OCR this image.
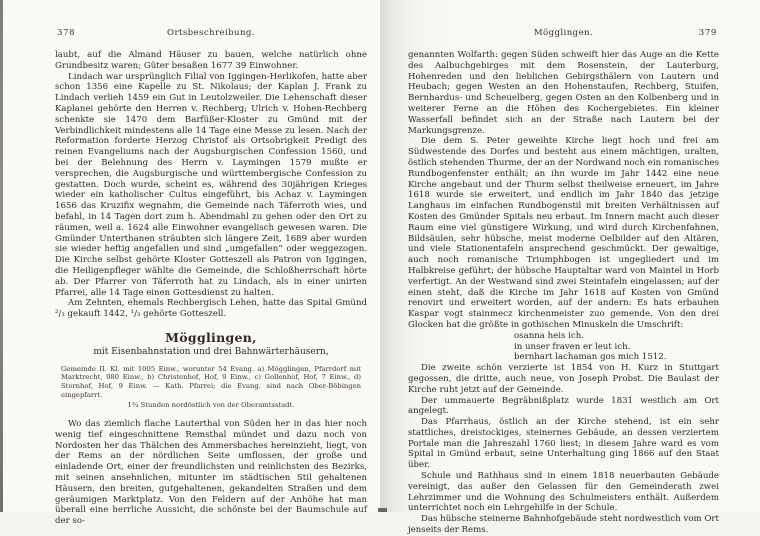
378	Ortsbeschreibung.

laubt, auf die Almand Häuser zu bauen, welche natürlich ohne Grundbesitz waren; Güter besaßen 1677 39 Einwohner.

Lindach war ursprünglich Filial von Iggingen-Herlikofen, hatte aber schon 1356 eine Kapelle zu St. Nikolaus; der Kaplan J. Frank zu Lindach verlieh 1459 ein Gut in Leutolzweiler. Die Lehenschaft dieser Kaplanei gehörte den Herren v. Rechberg; Ulrich v. Hohen-Rechberg schenkte sie 1470 dem Barfüßer-Kloster zu Gmünd mit der Verbindlichkeit mindestens alle 14 Tage eine Messe zu lesen. Nach der Reformation forderte Herzog Christof als Ortsobrigkeit Predigt des reinen Evangeliums nach der Augsburgischen Confession 1560, und bei der Belehnung des Herrn v. Laymingen 1579 mußte er versprechen, die Augsburgische und württembergische Confession zu gestatten. Doch wurde, scheint es, während des 30jährigen Krieges wieder ein katholischer Cultus eingeführt, bis Achaz v. Laymingen 1656 das Kruzifix wegnahm, die Gemeinde nach Täferroth wies, und befahl, in 14 Tagen dort zum h. Abendmahl zu gehen oder den Ort zu räumen, weil a. 1624 alle Einwohner evangelisch gewesen waren. Die Gmünder Unterthanen sträubten sich längere Zeit, 1689 aber wurden sie wieder heftig angefallen und sind „umgefallen“ oder weggezogen. Die Kirche selbst gehörte Kloster Gotteszell als Patron von Iggingen, die Heiligenpfleger wählte die Gemeinde, die Schloßherrschaft hörte ab. Der Pfarrer von Täferroth hat zu Lindach, als in einer unirten Pfarrei, alle 14 Tage einen Gottesdienst zu halten.

Am Zehnten, ehemals Rechbergisch Lehen, hatte das Spital Gmünd ²/₃ gekauft 1442, ¹/₃ gehörte Gotteszell.

Mögglingen,
mit Eisenbahnstation und drei Bahnwärterhäusern,
Gemeinde II. Kl. mit 1005 Einw., worunter 54 Evang. a) Mögglingen, Pfarrdorf mit Marktrecht, 980 Einw., b) Christenhof, Hof, 9 Einw., c) Gollenhof, Hof, 7 Einw., d) Sternhof, Hof, 9 Einw. — Kath. Pfarrei; die Evang. sind nach Ober-Böbingen eingepfarrt.
1¾ Stunden nordöstlich von der Oberamtsstadt.

Wo das ziemlich flache Lauterthal von Süden her in das hier noch wenig tief eingeschnittene Remsthal mündet und dazu noch von Nordosten her das Thälchen des Ammersbaches hereinzieht, liegt, von der Rems an der nördlichen Seite umflossen, der große und einladende Ort, einer der freundlichsten und reinlichsten des Bezirks, mit seinen ansehnlichen, mitunter im städtischen Stil gehaltenen Häusern, den breiten, gutgehaltenen, gekandelten Straßen und dem geräumigen Marktplatz. Von den Feldern auf der Anhöhe hat man überall eine herrliche Aussicht, die schönste bei der Baumschule auf der so-

Mögglingen.	379

genannten Wolfarth: gegen Süden schweift hier das Auge an die Kette des Aalbuchgebirges mit dem Rosenstein, der Lauterburg, Hohenreden und den lieblichen Gebirgsthälern von Lautern und Heubach; gegen Westen an den Hohenstaufen, Rechberg, Stuifen, Bernhardus- und Scheuelberg, gegen Osten an den Kolbenberg und in weiterer Ferne an die Höhen des Kochergebietes. Ein kleiner Wasserfall befindet sich an der Straße nach Lautern bei der Markungsgrenze.

Die dem S. Peter geweihte Kirche liegt hoch und frei am Südwestende des Dorfes und besteht aus einem mächtigen, uralten, östlich stehenden Thurme, der an der Nordwand noch ein romanisches Rundbogenfenster enthält; an ihn wurde im Jahr 1442 eine neue Kirche angebaut und der Thurm selbst theilweise erneuert, im Jahre 1618 wurde sie erweitert, und endlich im Jahr 1840 das jetzige Langhaus im einfachen Rundbogenstil mit breiten Verhältnissen auf Kosten des Gmünder Spitals neu erbaut. Im Innern macht auch dieser Raum eine viel günstigere Wirkung, und wird durch Kirchenfahnen, Bildsäulen, sehr hübsche, meist moderne Oelbilder auf den Altären, und viele Stationentafeln ansprechend geschmückt. Der gewaltige, auch noch romanische Triumphbogen ist ungegliedert und im Halbkreise geführt; der hübsche Hauptaltar ward von Maintel in Horb verfertigt. An der Westwand sind zwei Steintafeln eingelassen; auf der einen steht, daß die Kirche im Jahr 1618 auf Kosten von Gmünd renovirt und erweitert worden, auf der andern: Es hats erbauhen Kaspar vogt stainmecz kirchenmeister zuo gemende. Von den drei Glocken hat die größte in gothischen Minuskeln die Umschrift:

osanna heis ich.
in unser fraven er leut ich.
bernhart lachaman gos mich 1512.

Die zweite schön verzierte ist 1854 von H. Kurz in Stuttgart gegossen, die dritte, auch neue, von Joseph Probst. Die Baulast der Kirche ruht jetzt auf der Gemeinde.

Der ummauerte Begräbnißplatz wurde 1831 westlich am Ort angelegt.

Das Pfarrhaus, östlich an der Kirche stehend, ist ein sehr stattliches, dreistockiges, steinernes Gebäude, an dessen verziertem Portale man die Jahreszahl 1760 liest; in diesem Jahre ward es vom Spital in Gmünd erbaut, seine Unterhaltung ging 1866 auf den Staat über.

Schule und Rathhaus sind in einem 1818 neuerbauten Gebäude vereinigt, das außer den Gelassen für den Gemeinderath zwei Lehrzimmer und die Wohnung des Schulmeisters enthält. Außerdem unterrichtet noch ein Lehrgehilfe in der Schule.

Das hübsche steinerne Bahnhofgebäude steht nordwestlich vom Ort jenseits der Rems.
